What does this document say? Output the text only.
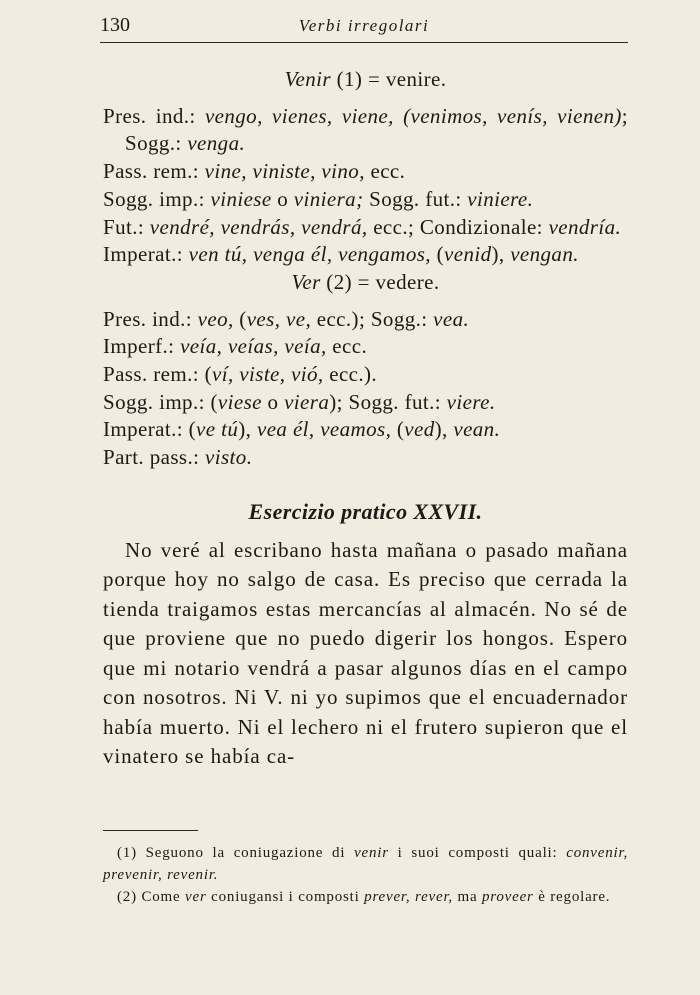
130	Verbi irregolari

Venir (1) = venire.

Pres. ind.: vengo, vienes, viene, (venimos, venís, vienen); Sogg.: venga.

Pass. rem.: vine, viniste, vino, ecc.

Sogg. imp.: viniese o viniera; Sogg. fut.: viniere.

Fut.: vendré, vendrás, vendrá, ecc.; Condizionale: vendría.

Imperat.: ven tú, venga él, vengamos, (venid), vengan.

Ver (2) = vedere.

Pres. ind.: veo, (ves, ve, ecc.); Sogg.: vea.

Imperf.: veía, veías, veía, ecc.

Pass. rem.: (ví, viste, vió, ecc.).

Sogg. imp.: (viese o viera); Sogg. fut.: viere.

Imperat.: (ve tú), vea él, veamos, (ved), vean.

Part. pass.: visto.

Esercizio pratico XXVII.

No veré al escribano hasta mañana o pasado mañana porque hoy no salgo de casa. Es preciso que cerrada la tienda traigamos estas mercancías al almacén. No sé de que proviene que no puedo digerir los hongos. Espero que mi notario vendrá a pasar algunos días en el campo con nosotros. Ni V. ni yo supimos que el encuadernador había muerto. Ni el lechero ni el frutero supieron que el vinatero se había ca-

(1) Seguono la coniugazione di venir i suoi composti quali: convenir, prevenir, revenir.

(2) Come ver coniugansi i composti prever, rever, ma proveer è regolare.
